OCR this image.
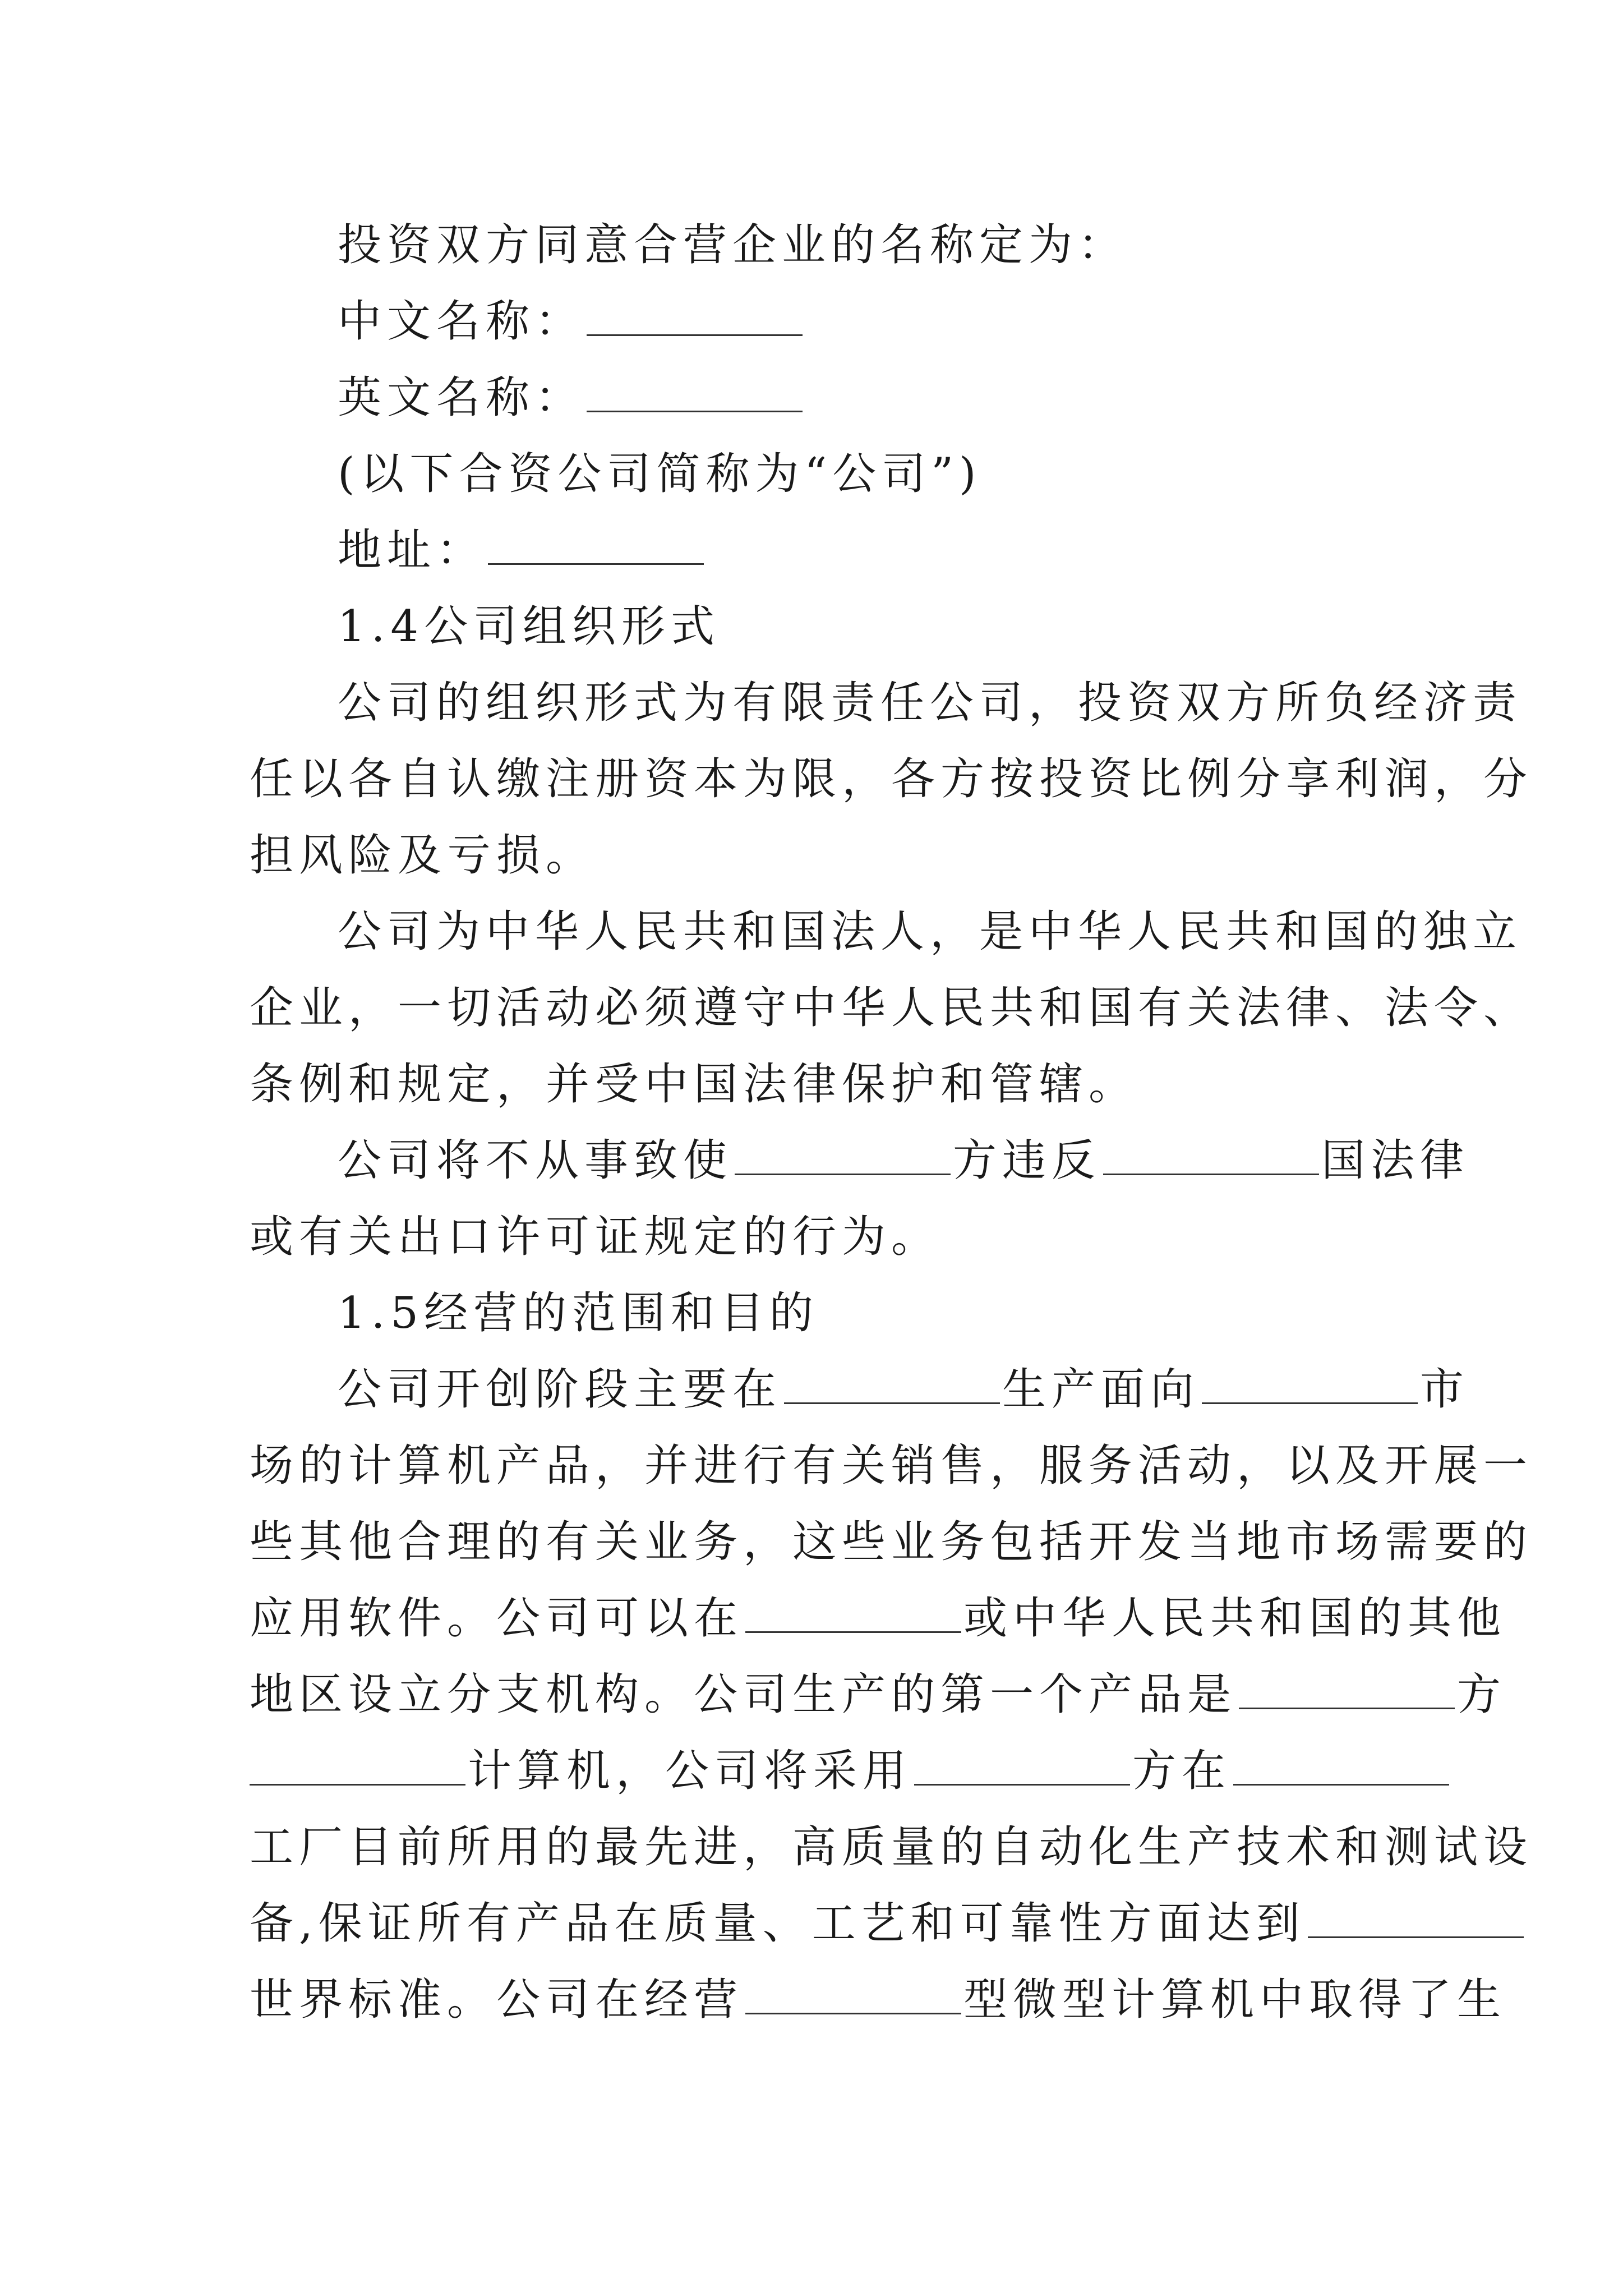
投资双方同意合营企业的名称定为：
中文名称：
英文名称：
(以下合资公司简称为“公司”)
地址：
1.4公司组织形式
公司的组织形式为有限责任公司，投资双方所负经济责
任以各自认缴注册资本为限，各方按投资比例分享利润，分
担风险及亏损。
公司为中华人民共和国法人，是中华人民共和国的独立
企业，一切活动必须遵守中华人民共和国有关法律、法令、
条例和规定，并受中国法律保护和管辖。
公司将不从事致使	方违反	国法律
或有关出口许可证规定的行为。
1.5经营的范围和目的
公司开创阶段主要在	生产面向	市
场的计算机产品，并进行有关销售，服务活动，以及开展一
些其他合理的有关业务，这些业务包括开发当地市场需要的
应用软件。公司可以在	或中华人民共和国的其他
地区设立分支机构。公司生产的第一个产品是	方
计算机，公司将采用	方在
工厂目前所用的最先进，高质量的自动化生产技术和测试设
备,保证所有产品在质量、工艺和可靠性方面达到
世界标准。公司在经营	型微型计算机中取得了生
